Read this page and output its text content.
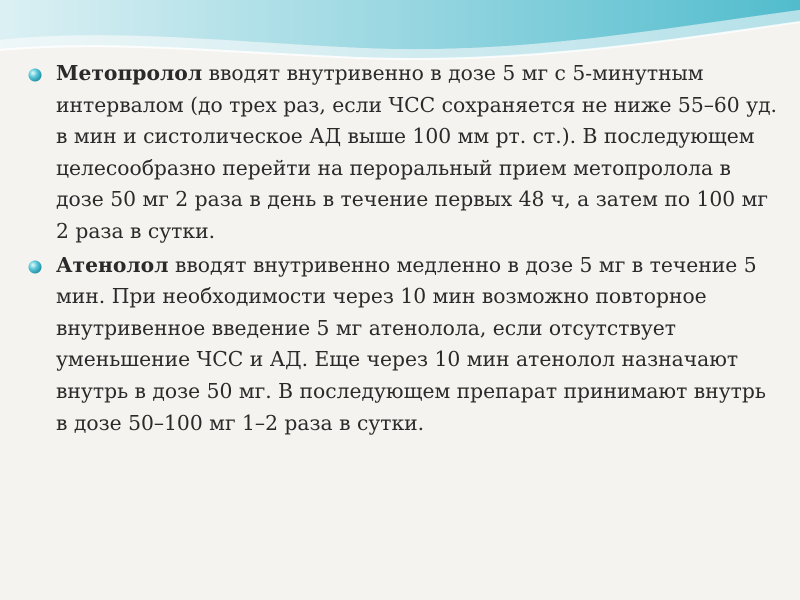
Метопролол вводят внутривенно в дозе 5 мг с 5-минутным интервалом (до трех раз, если ЧСС сохраняется не ниже 55–60 уд. в мин и систолическое АД выше 100 мм рт. ст.). В последующем целесообразно перейти на пероральный прием метопролола в дозе 50 мг 2 раза в день в течение первых 48 ч, а затем по 100 мг 2 раза в сутки.

Атенолол вводят внутривенно медленно в дозе 5 мг в течение 5 мин. При необходимости через 10 мин возможно повторное внутривенное введение 5 мг атенолола, если отсутствует уменьшение ЧСС и АД. Еще через 10 мин атенолол назначают внутрь в дозе 50 мг. В последующем препарат принимают внутрь в дозе 50–100 мг 1–2 раза в сутки.
